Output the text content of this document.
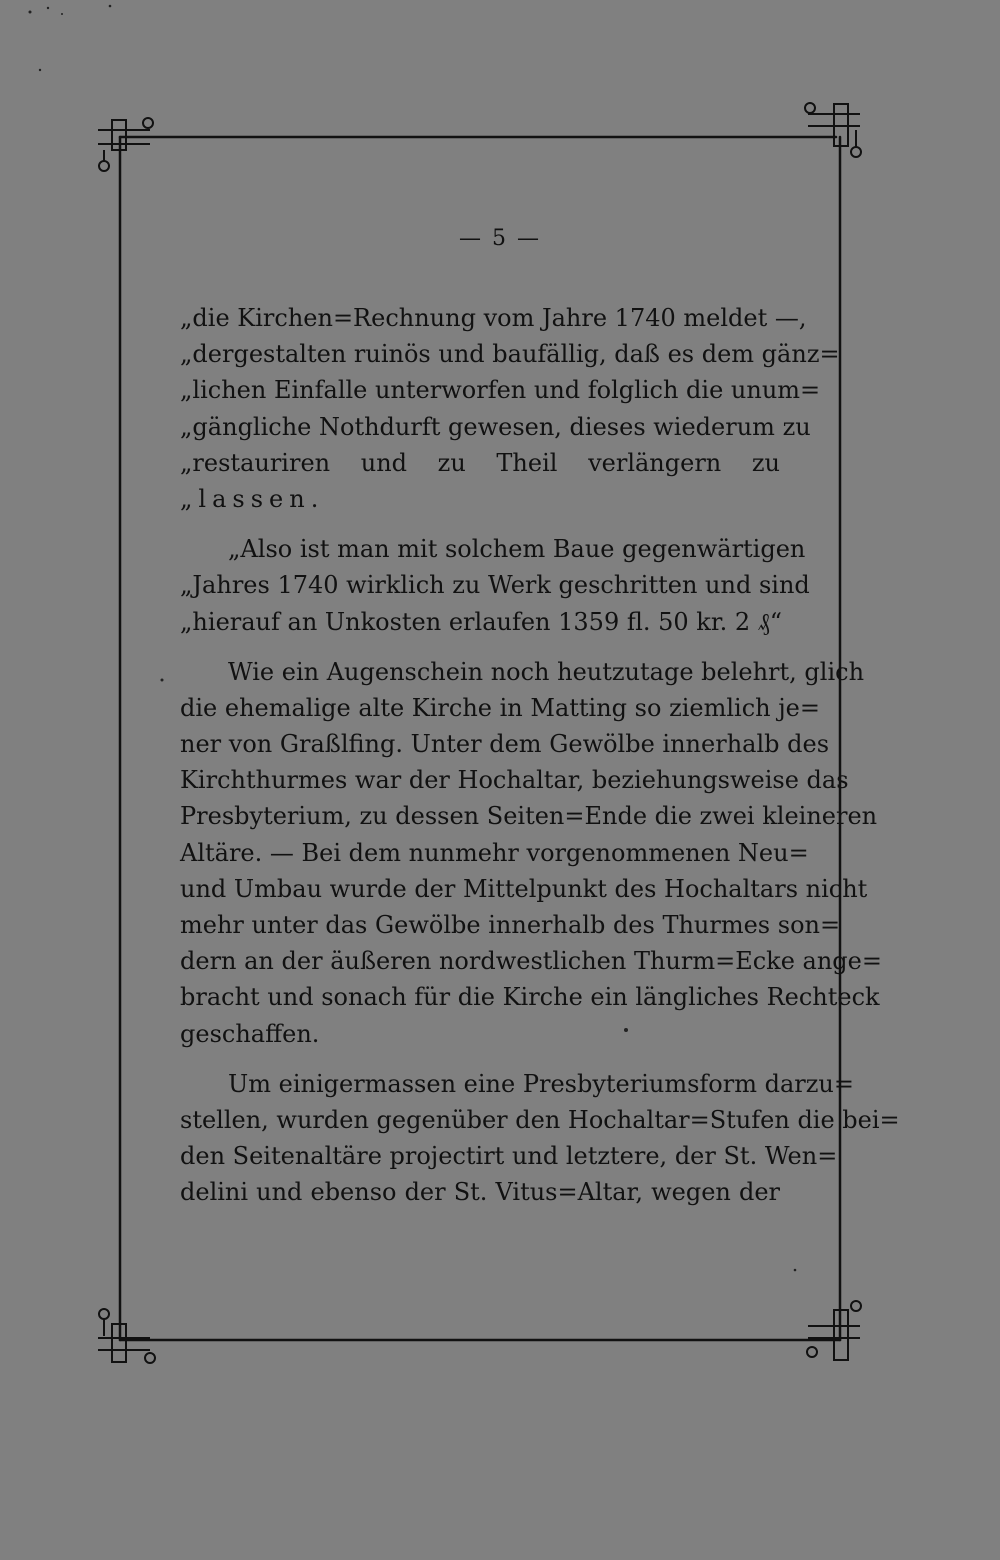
— 5 —
„die Kirchen=Rechnung vom Jahre 1740 meldet —,
„dergestalten ruinös und baufällig, daß es dem gänz=
„lichen Einfalle unterworfen und folglich die unum=
„gängliche Nothdurft gewesen, dieses wiederum zu
„restauriren und zu Theil verlängern zu
„lassen.
„Also ist man mit solchem Baue gegenwärtigen
„Jahres 1740 wirklich zu Werk geschritten und sind
„hierauf an Unkosten erlaufen 1359 fl. 50 kr. 2 ₰“
Wie ein Augenschein noch heutzutage belehrt, glich
die ehemalige alte Kirche in Matting so ziemlich je=
ner von Graßlfing. Unter dem Gewölbe innerhalb des
Kirchthurmes war der Hochaltar, beziehungsweise das
Presbyterium, zu dessen Seiten=Ende die zwei kleineren
Altäre. — Bei dem nunmehr vorgenommenen Neu=
und Umbau wurde der Mittelpunkt des Hochaltars nicht
mehr unter das Gewölbe innerhalb des Thurmes son=
dern an der äußeren nordwestlichen Thurm=Ecke ange=
bracht und sonach für die Kirche ein längliches Rechteck
geschaffen.
Um einigermassen eine Presbyteriumsform darzu=
stellen, wurden gegenüber den Hochaltar=Stufen die bei=
den Seitenaltäre projectirt und letztere, der St. Wen=
delini und ebenso der St. Vitus=Altar, wegen der
